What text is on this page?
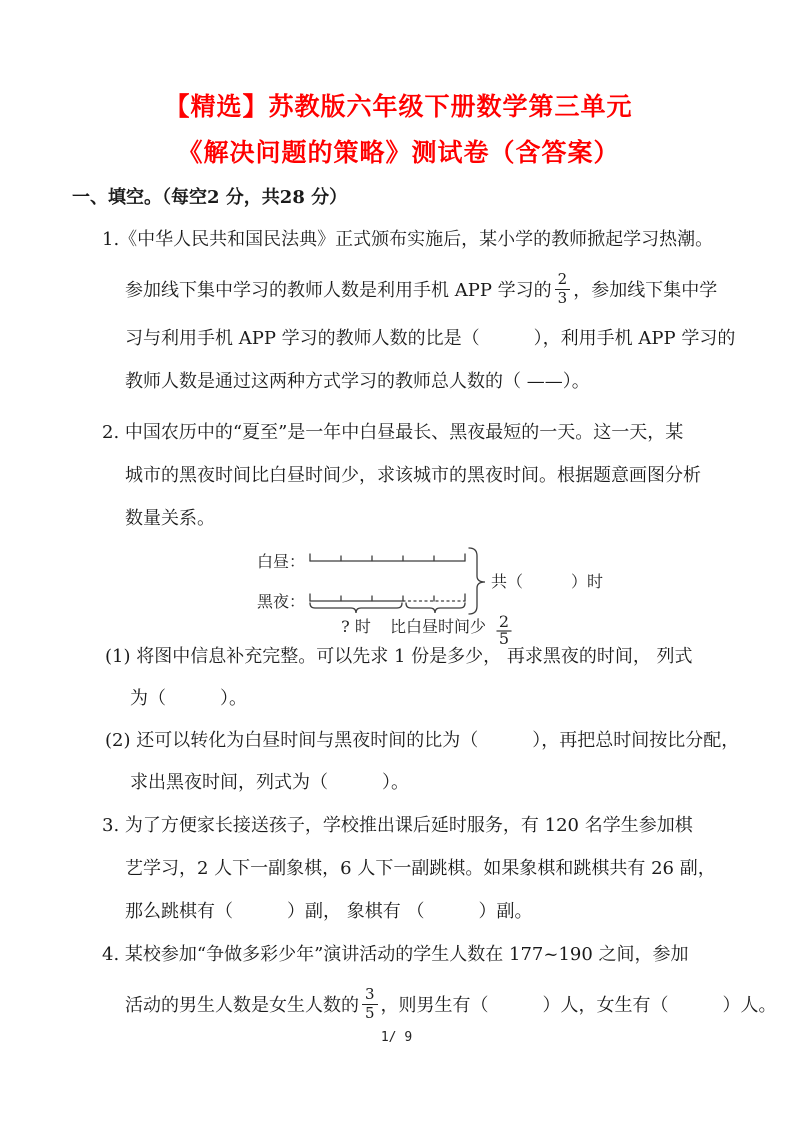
【精选】苏教版六年级下册数学第三单元
《解决问题的策略》测试卷（含答案）
一、填空。（每空2 分，共28 分）
1.《中华人民共和国民法典》正式颁布实施后，某小学的教师掀起学习热潮。
参加线下集中学习的教师人数是利用手机 APP 学习的 $\frac{2}{3}$ ，参加线下集中学
习与利用手机 APP 学习的教师人数的比是（　　　），利用手机 APP 学习的
教师人数是通过这两种方式学习的教师总人数的（ ——）。
2. 中国农历中的“夏至”是一年中白昼最长、黑夜最短的一天。这一天，某
城市的黑夜时间比白昼时间少，求该城市的黑夜时间。根据题意画图分析
数量关系。
白昼：
黑夜：
共（　　　）时
? 时 比白昼时间少 2
5
(1) 将图中信息补充完整。可以先求 1 份是多少， 再求黑夜的时间， 列式
为（　　　）。
(2) 还可以转化为白昼时间与黑夜时间的比为（　　　），再把总时间按比分配，
求出黑夜时间，列式为（　　　）。
3. 为了方便家长接送孩子，学校推出课后延时服务，有 120 名学生参加棋
艺学习，2 人下一副象棋，6 人下一副跳棋。如果象棋和跳棋共有 26 副，
那么跳棋有（　　　）副， 象棋有 （　　　）副。
4. 某校参加“争做多彩少年”演讲活动的学生人数在 177~190 之间，参加
活动的男生人数是女生人数的 $\frac{3}{5}$ ，则男生有（　　　）人，女生有（　　　）人。
1/ 9
